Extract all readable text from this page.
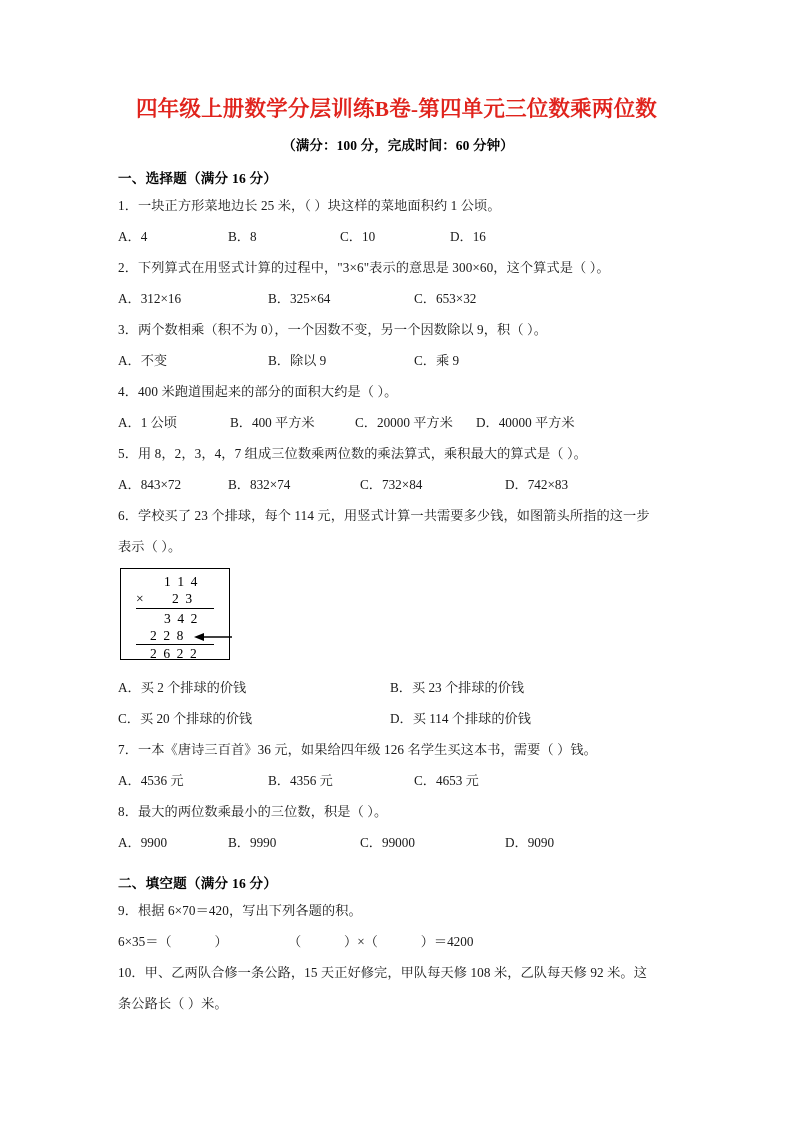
四年级上册数学分层训练B卷-第四单元三位数乘两位数
（满分：100 分，完成时间：60 分钟）
一、选择题（满分 16 分）

1．一块正方形菜地边长 25 米，（ ）块这样的菜地面积约 1 公顷。

A．4	B．8	C．10	D．16

2．下列算式在用竖式计算的过程中，"3×6"表示的意思是 300×60，这个算式是（ ）。

A．312×16	B．325×64	C．653×32

3．两个数相乘（积不为 0），一个因数不变，另一个因数除以 9，积（ ）。

A．不变	B．除以 9	C．乘 9

4．400 米跑道围起来的部分的面积大约是（ ）。

A．1 公顷	B．400 平方米	C．20000 平方米 D．40000 平方米

5．用 8，2，3，4，7 组成三位数乘两位数的乘法算式，乘积最大的算式是（ ）。

A．843×72	B．832×74	C．732×84	D．742×83

6．学校买了 23 个排球，每个 114 元，用竖式计算一共需要多少钱，如图箭头所指的这一步

表示（ ）。

1 1 4
× 2 3
3 4 2
2 2 8
2 6 2 2
A．买 2 个排球的价钱	B．买 23 个排球的价钱
C．买 20 个排球的价钱	D．买 114 个排球的价钱

7．一本《唐诗三百首》36 元，如果给四年级 126 名学生买这本书，需要（ ）钱。

A．4536 元	B．4356 元	C．4653 元

8．最大的两位数乘最小的三位数，积是（ ）。

A．9900	B．9990	C．99000	D．9090
二、填空题（满分 16 分）

9．根据 6×70＝420，写出下列各题的积。

6×35＝（             ）	（             ）×（             ）＝4200

10．甲、乙两队合修一条公路，15 天正好修完，甲队每天修 108 米，乙队每天修 92 米。这

条公路长（ ）米。
